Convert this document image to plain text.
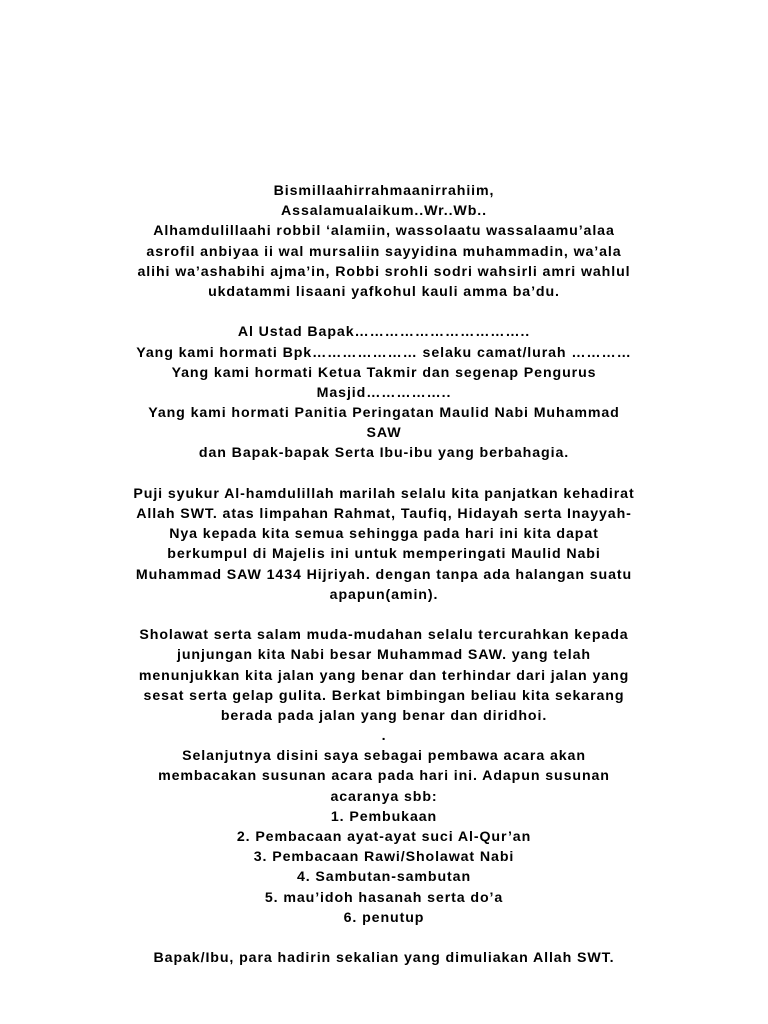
Bismillaahirrahmaanirrahiim,
Assalamualaikum..Wr..Wb..
Alhamdulillaahi robbil ‘alamiin, wassolaatu wassalaamu’alaa
asrofil anbiyaa ii wal mursaliin sayyidina muhammadin, wa’ala
alihi wa’ashabihi ajma’in, Robbi srohli sodri wahsirli amri wahlul
ukdatammi lisaani yafkohul kauli amma ba’du.
Al Ustad Bapak……………………………..
Yang kami hormati Bpk………………… selaku camat/lurah …………
Yang kami hormati Ketua Takmir dan segenap Pengurus
Masjid……………..
Yang kami hormati Panitia Peringatan Maulid Nabi Muhammad
SAW
dan Bapak-bapak Serta Ibu-ibu yang berbahagia.
Puji syukur Al-hamdulillah marilah selalu kita panjatkan kehadirat
Allah SWT. atas limpahan Rahmat, Taufiq, Hidayah serta Inayyah-
Nya kepada kita semua sehingga pada hari ini kita dapat
berkumpul di Majelis ini untuk memperingati Maulid Nabi
Muhammad SAW 1434 Hijriyah. dengan tanpa ada halangan suatu
apapun(amin).
Sholawat serta salam muda-mudahan selalu tercurahkan kepada
junjungan kita Nabi besar Muhammad SAW. yang telah
menunjukkan kita jalan yang benar dan terhindar dari jalan yang
sesat serta gelap gulita. Berkat bimbingan beliau kita sekarang
berada pada jalan yang benar dan diridhoi.
.
Selanjutnya disini saya sebagai pembawa acara akan
membacakan susunan acara pada hari ini. Adapun susunan
acaranya sbb:
1. Pembukaan
2. Pembacaan ayat-ayat suci Al-Qur’an
3. Pembacaan Rawi/Sholawat Nabi
4. Sambutan-sambutan
5. mau’idoh hasanah serta do’a
6. penutup
Bapak/Ibu, para hadirin sekalian yang dimuliakan Allah SWT.
